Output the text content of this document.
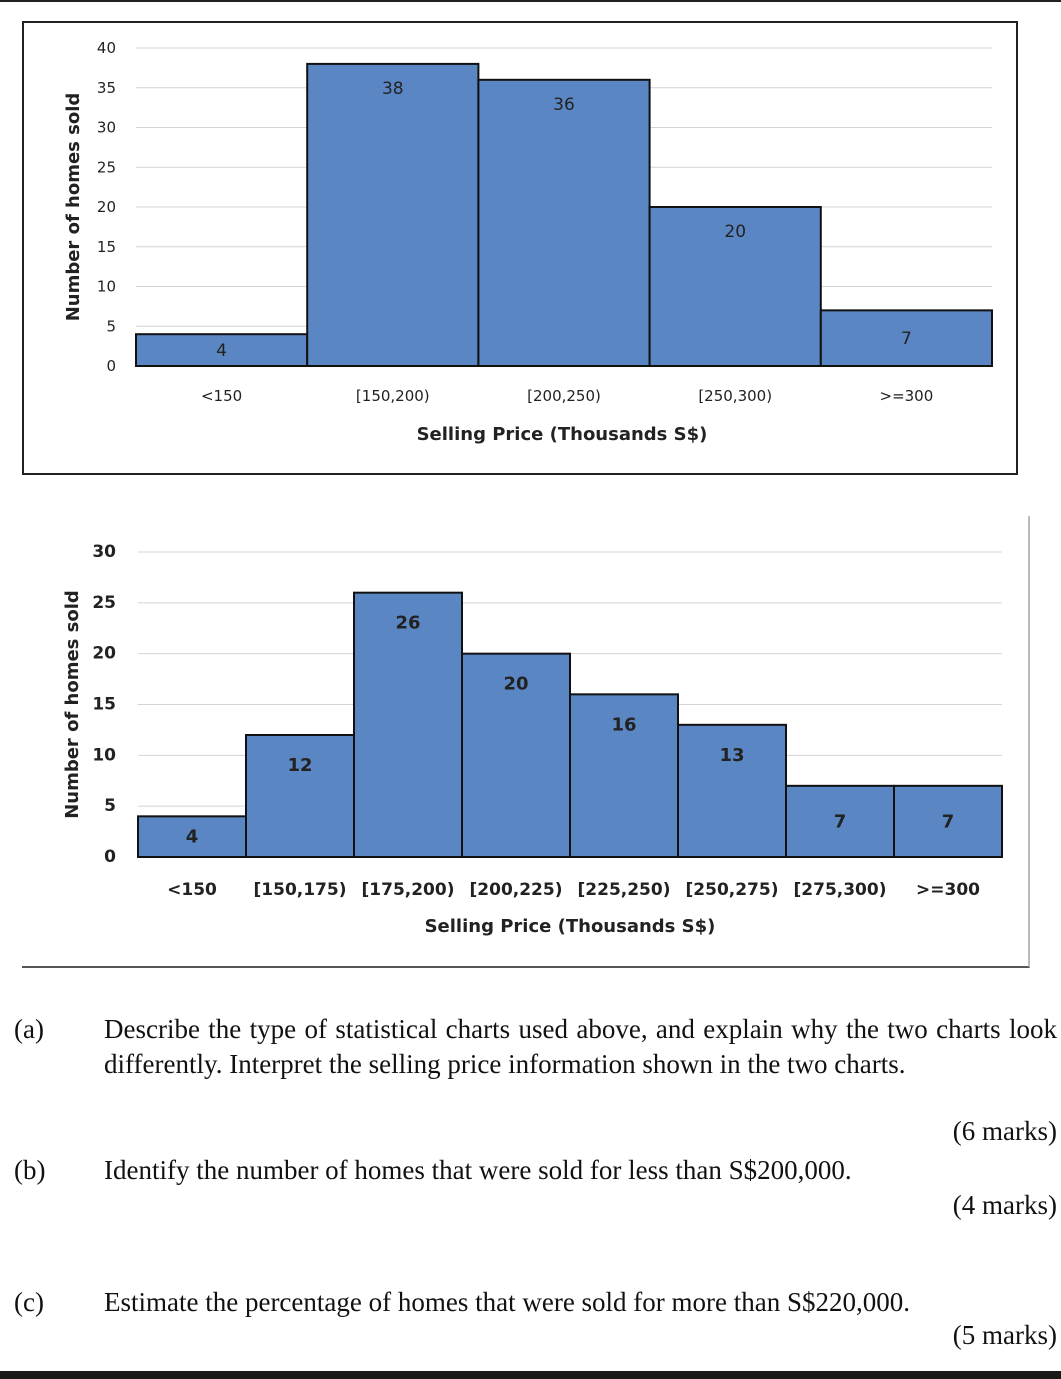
0
5
10
15
20
25
30
35
40
4
<150
38
[150,200)
36
[200,250)
20
[250,300)
7
>=300
Selling Price (Thousands S$)
Number of homes sold
0
5
10
15
20
25
30
4
<150
12
[150,175)
26
[175,200)
20
[200,225)
16
[225,250)
13
[250,275)
7
[275,300)
7
>=300
Selling Price (Thousands S$)
Number of homes sold
(a) Describe the type of statistical charts used above, and explain why the two charts look differently. Interpret the selling price information shown in the two charts.
(6 marks)
(b) Identify the number of homes that were sold for less than S$200,000.
(4 marks)
(c) Estimate the percentage of homes that were sold for more than S$220,000.
(5 marks)
